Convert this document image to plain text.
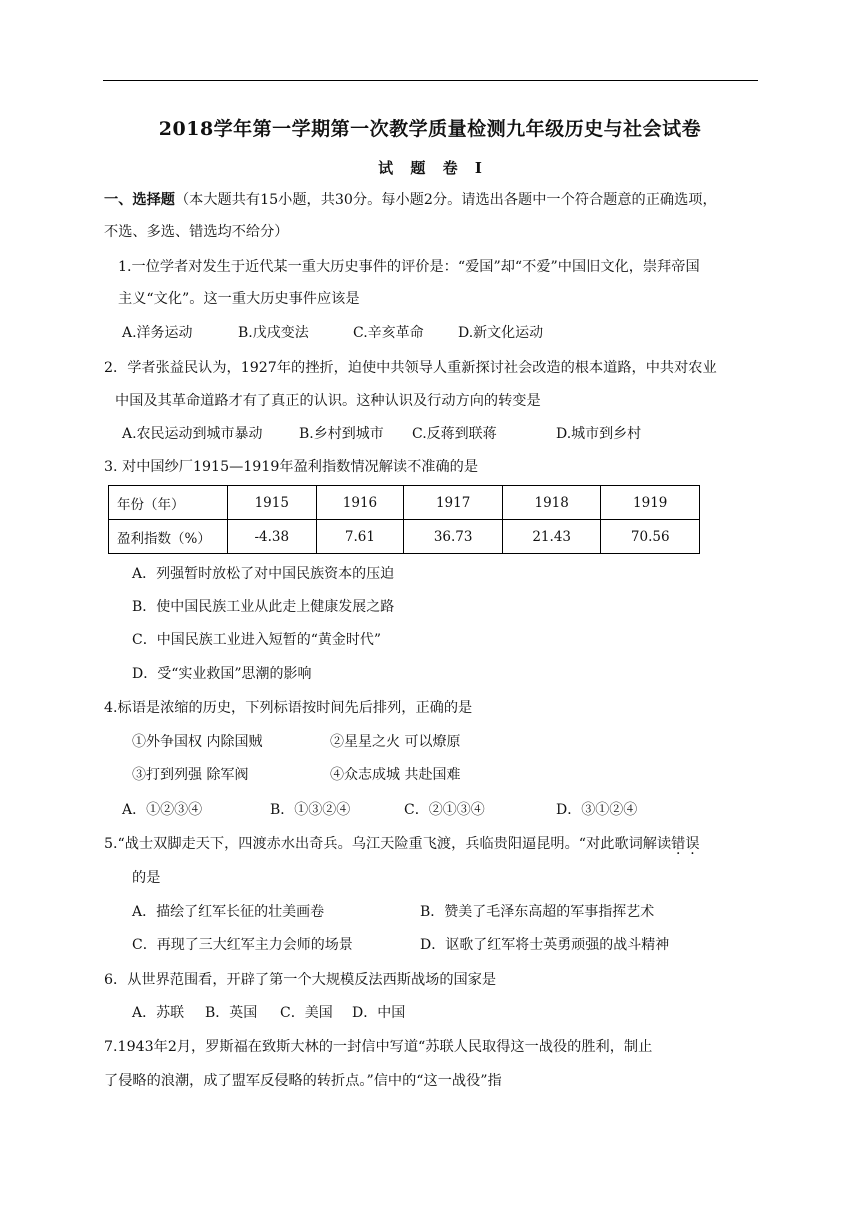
2018学年第一学期第一次教学质量检测九年级历史与社会试卷
试 题 卷 I
一、选择题（本大题共有15小题，共30分。每小题2分。请选出各题中一个符合题意的正确选项，
不选、多选、错选均不给分）
1.一位学者对发生于近代某一重大历史事件的评价是：“爱国”却“不爱”中国旧文化，崇拜帝国
主义“文化”。这一重大历史事件应该是
A.洋务运动	B.戊戌变法	C.辛亥革命 D.新文化运动
2．学者张益民认为，1927年的挫折，迫使中共领导人重新探讨社会改造的根本道路，中共对农业
中国及其革命道路才有了真正的认识。这种认识及行动方向的转变是
A.农民运动到城市暴动	B.乡村到城市 C.反蒋到联蒋	D.城市到乡村
3. 对中国纱厂1915—1919年盈利指数情况解读不准确的是
年份（年）	1915	1916	1917	1918	1919
盈利指数（%）	-4.38	7.61	36.73	21.43	70.56
A．列强暂时放松了对中国民族资本的压迫
B．使中国民族工业从此走上健康发展之路
C．中国民族工业进入短暂的“黄金时代”
D．受“实业救国”思潮的影响
4.标语是浓缩的历史，下列标语按时间先后排列，正确的是
①外争国权 内除国贼	②星星之火 可以燎原
③打到列强 除军阀	④众志成城 共赴国难
A．①②③④	B．①③②④	C．②①③④	D．③①②④
5.“战士双脚走天下，四渡赤水出奇兵。乌江天险重飞渡，兵临贵阳逼昆明。“对此歌词解读错误
的是
A．描绘了红军长征的壮美画卷	B．赞美了毛泽东高超的军事指挥艺术
C．再现了三大红军主力会师的场景	D．讴歌了红军将士英勇顽强的战斗精神
6．从世界范围看，开辟了第一个大规模反法西斯战场的国家是
A．苏联 B．英国 C．美国 D．中国
7.1943年2月，罗斯福在致斯大林的一封信中写道“苏联人民取得这一战役的胜利，制止
了侵略的浪潮，成了盟军反侵略的转折点。”信中的“这一战役”指
